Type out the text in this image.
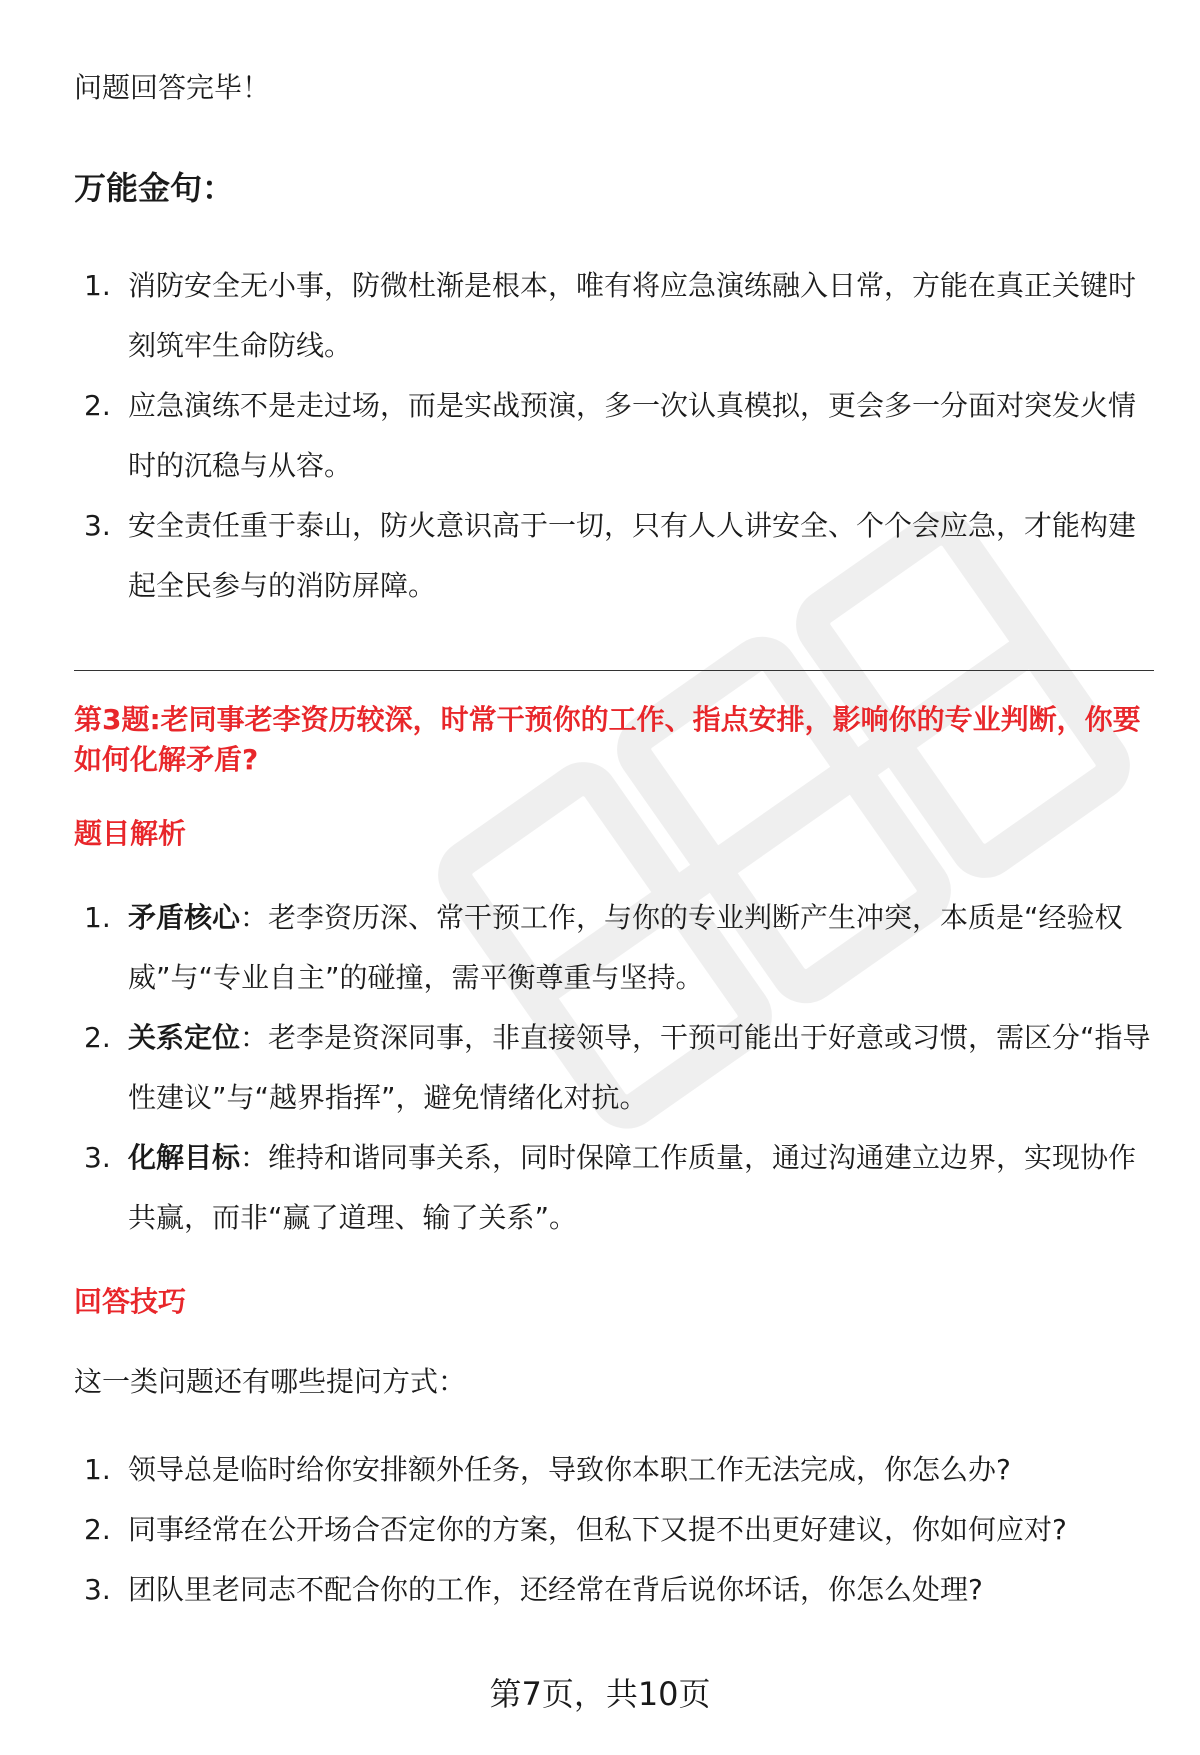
问题回答完毕！

万能金句：
1. 消防安全无小事，防微杜渐是根本，唯有将应急演练融入日常，方能在真正关键时刻筑牢生命防线。
2. 应急演练不是走过场，而是实战预演，多一次认真模拟，更会多一分面对突发火情时的沉稳与从容。
3. 安全责任重于泰山，防火意识高于一切，只有人人讲安全、个个会应急，才能构建起全民参与的消防屏障。

第3题:老同事老李资历较深，时常干预你的工作、指点安排，影响你的专业判断，你要如何化解矛盾?

题目解析
1. 矛盾核心：老李资历深、常干预工作，与你的专业判断产生冲突，本质是“经验权威”与“专业自主”的碰撞，需平衡尊重与坚持。
2. 关系定位：老李是资深同事，非直接领导，干预可能出于好意或习惯，需区分“指导性建议”与“越界指挥”，避免情绪化对抗。
3. 化解目标：维持和谐同事关系，同时保障工作质量，通过沟通建立边界，实现协作共赢，而非“赢了道理、输了关系”。
回答技巧

这一类问题还有哪些提问方式：

1. 领导总是临时给你安排额外任务，导致你本职工作无法完成，你怎么办?
2. 同事经常在公开场合否定你的方案，但私下又提不出更好建议，你如何应对?
3. 团队里老同志不配合你的工作，还经常在背后说你坏话，你怎么处理?
第7页，共10页
